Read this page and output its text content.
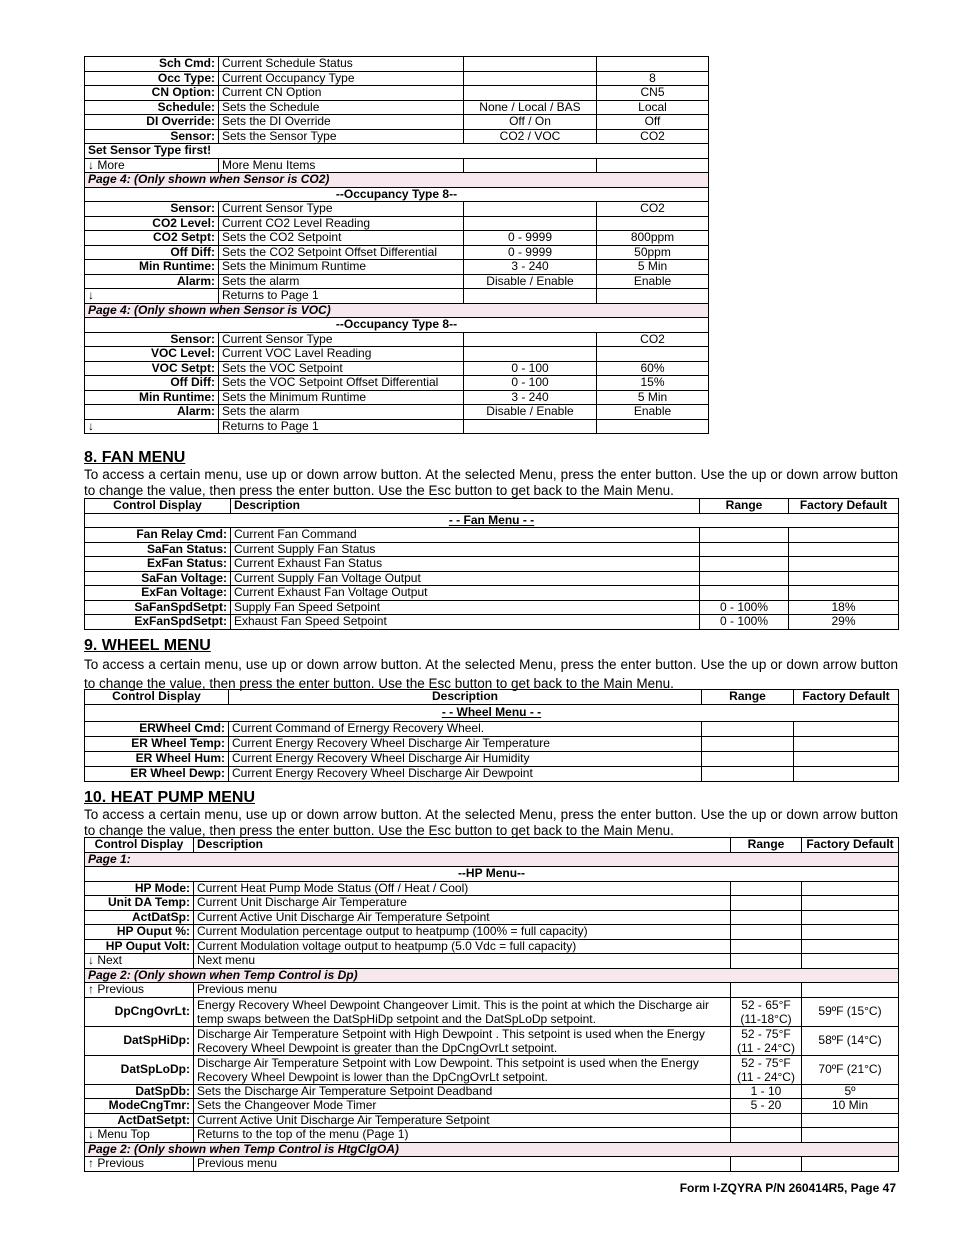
Sch Cmd:	Current Schedule Status		
Occ Type:	Current Occupancy Type		8
CN Option:	Current CN Option		CN5
Schedule:	Sets the Schedule	None / Local / BAS	Local
DI Override:	Sets the DI Override	Off / On	Off
Sensor:	Sets the Sensor Type	CO2 / VOC	CO2
Set Sensor Type first!			
↓ More	More Menu Items		
Page 4: (Only shown when Sensor is CO2)			
--Occupancy Type 8--			
Sensor:	Current Sensor Type		CO2
CO2 Level:	Current CO2 Level Reading		
CO2 Setpt:	Sets the CO2 Setpoint	0 - 9999	800ppm
Off Diff:	Sets the CO2 Setpoint Offset Differential	0 - 9999	50ppm
Min Runtime:	Sets the Minimum Runtime	3 - 240	5 Min
Alarm:	Sets the alarm	Disable / Enable	Enable
↓	Returns to Page 1		
Page 4: (Only shown when Sensor is VOC)			
--Occupancy Type 8--			
Sensor:	Current Sensor Type		CO2
VOC Level:	Current VOC Lavel Reading		
VOC Setpt:	Sets the VOC Setpoint	0 - 100	60%
Off Diff:	Sets the VOC Setpoint Offset Differential	0 - 100	15%
Min Runtime:	Sets the Minimum Runtime	3 - 240	5 Min
Alarm:	Sets the alarm	Disable / Enable	Enable
↓	Returns to Page 1		
8. FAN MENU

To access a certain menu, use up or down arrow button. At the selected Menu, press the enter button. Use the up or down arrow button to change the value, then press the enter button. Use the Esc button to get back to the Main Menu.

Control Display	Description	Range	Factory Default
- - Fan Menu - -			
Fan Relay Cmd:	Current Fan Command		
SaFan Status:	Current Supply Fan Status		
ExFan Status:	Current Exhaust Fan Status		
SaFan Voltage:	Current Supply Fan Voltage Output		
ExFan Voltage:	Current Exhaust Fan Voltage Output		
SaFanSpdSetpt:	Supply Fan Speed Setpoint	0 - 100%	18%
ExFanSpdSetpt:	Exhaust Fan Speed Setpoint	0 - 100%	29%
9. WHEEL MENU

To access a certain menu, use up or down arrow button. At the selected Menu, press the enter button. Use the up or down arrow button to change the value, then press the enter button. Use the Esc button to get back to the Main Menu.

Control Display	Description	Range	Factory Default
- - Wheel Menu - -			
ERWheel Cmd:	Current Command of Ernergy Recovery Wheel.		
ER Wheel Temp:	Current Energy Recovery Wheel Discharge Air Temperature		
ER Wheel Hum:	Current Energy Recovery Wheel Discharge Air Humidity		
ER Wheel Dewp:	Current Energy Recovery Wheel Discharge Air Dewpoint		
10. HEAT PUMP MENU

To access a certain menu, use up or down arrow button. At the selected Menu, press the enter button. Use the up or down arrow button to change the value, then press the enter button. Use the Esc button to get back to the Main Menu.

Control Display	Description	Range	Factory Default
Page 1:			
--HP Menu--			
HP Mode:	Current Heat Pump Mode Status (Off / Heat / Cool)		
Unit DA Temp:	Current Unit Discharge Air Temperature		
ActDatSp:	Current Active Unit Discharge Air Temperature Setpoint		
HP Ouput %:	Current Modulation percentage output to heatpump (100% = full capacity)		
HP Ouput Volt:	Current Modulation voltage output to heatpump (5.0 Vdc = full capacity)		
↓ Next	Next menu		
Page 2: (Only shown when Temp Control is Dp)			
↑ Previous	Previous menu		
DpCngOvrLt:	Energy Recovery Wheel Dewpoint Changeover Limit. This is the point at which the Discharge air temp swaps between the DatSpHiDp setpoint and the DatSpLoDp setpoint.	52 - 65°F (11-18°C)	59ºF (15°C)
DatSpHiDp:	Discharge Air Temperature Setpoint with High Dewpoint . This setpoint is used when the Energy Recovery Wheel Dewpoint is greater than the DpCngOvrLt setpoint.	52 - 75°F (11 - 24°C)	58ºF (14°C)
DatSpLoDp:	Discharge Air Temperature Setpoint with Low Dewpoint. This setpoint is used when the Energy Recovery Wheel Dewpoint is lower than the DpCngOvrLt setpoint.	52 - 75°F (11 - 24°C)	70ºF (21°C)
DatSpDb:	Sets the Discharge Air Temperature Setpoint Deadband	1 - 10	5º
ModeCngTmr:	Sets the Changeover Mode Timer	5 - 20	10 Min
ActDatSetpt:	Current Active Unit Discharge Air Temperature Setpoint		
↓ Menu Top	Returns to the top of the menu (Page 1)		
Page 2: (Only shown when Temp Control is HtgClgOA)			
↑ Previous	Previous menu		
Form I-ZQYRA P/N 260414R5, Page 47
